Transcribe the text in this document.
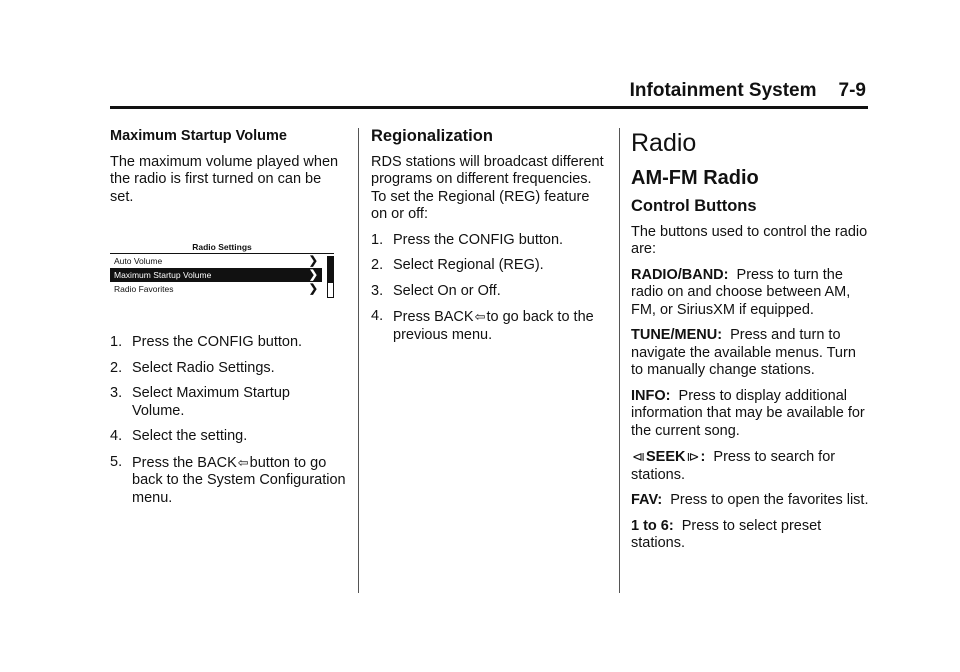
Infotainment System 7-9

Maximum Startup Volume

The maximum volume played when the radio is first turned on can be set.

Radio Settings
Auto Volume	❯
Maximum Startup Volume	❯
Radio Favorites	❯
1. Press the CONFIG button.
2. Select Radio Settings.
3. Select Maximum Startup Volume.
4. Select the setting.
5. Press the BACK⇦button to go back to the System Configuration menu.

Regionalization

RDS stations will broadcast different programs on different frequencies. To set the Regional (REG) feature on or off:

1. Press the CONFIG button.
2. Select Regional (REG).
3. Select On or Off.
4. Press BACK⇦to go back to the previous menu.

Radio

AM-FM Radio

Control Buttons

The buttons used to control the radio are:

RADIO/BAND: Press to turn the radio on and choose between AM, FM, or SiriusXM if equipped.

TUNE/MENU: Press and turn to navigate the available menus. Turn to manually change stations.

INFO: Press to display additional information that may be available for the current song.

⧏SEEK⧐: Press to search for stations.

FAV: Press to open the favorites list.

1 to 6: Press to select preset stations.
